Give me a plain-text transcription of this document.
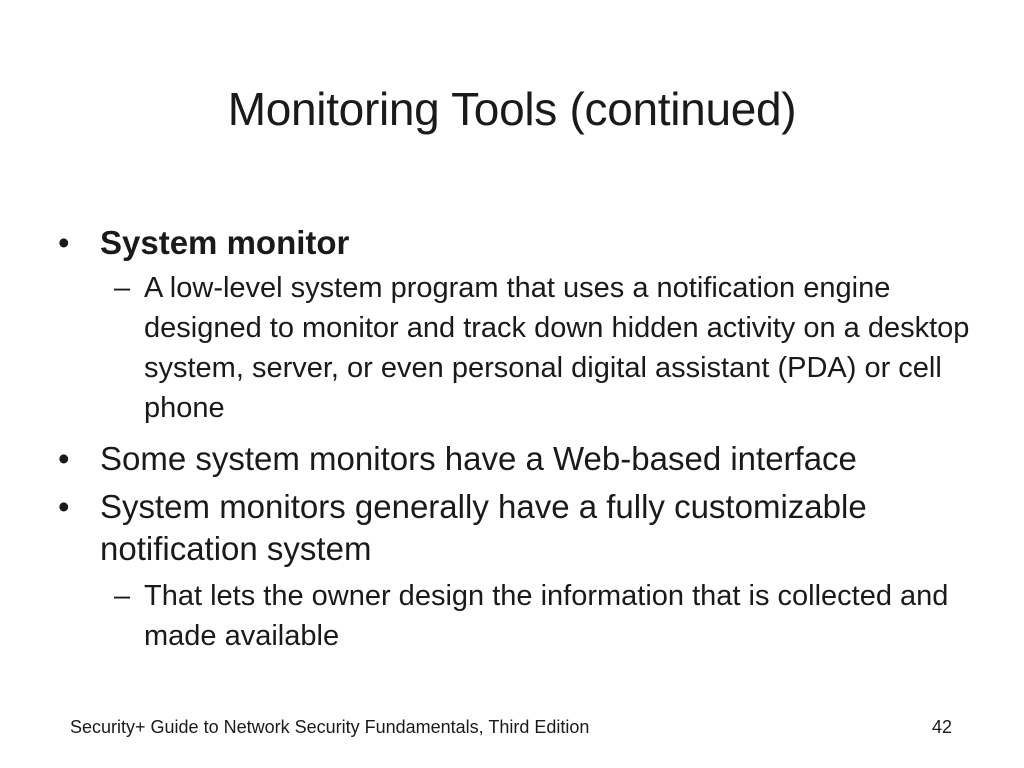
Monitoring Tools (continued)
• System monitor
– A low-level system program that uses a notification engine designed to monitor and track down hidden activity on a desktop system, server, or even personal digital assistant (PDA) or cell phone
• Some system monitors have a Web-based interface
• System monitors generally have a fully customizable notification system
– That lets the owner design the information that is collected and made available
Security+ Guide to Network Security Fundamentals, Third Edition	42
